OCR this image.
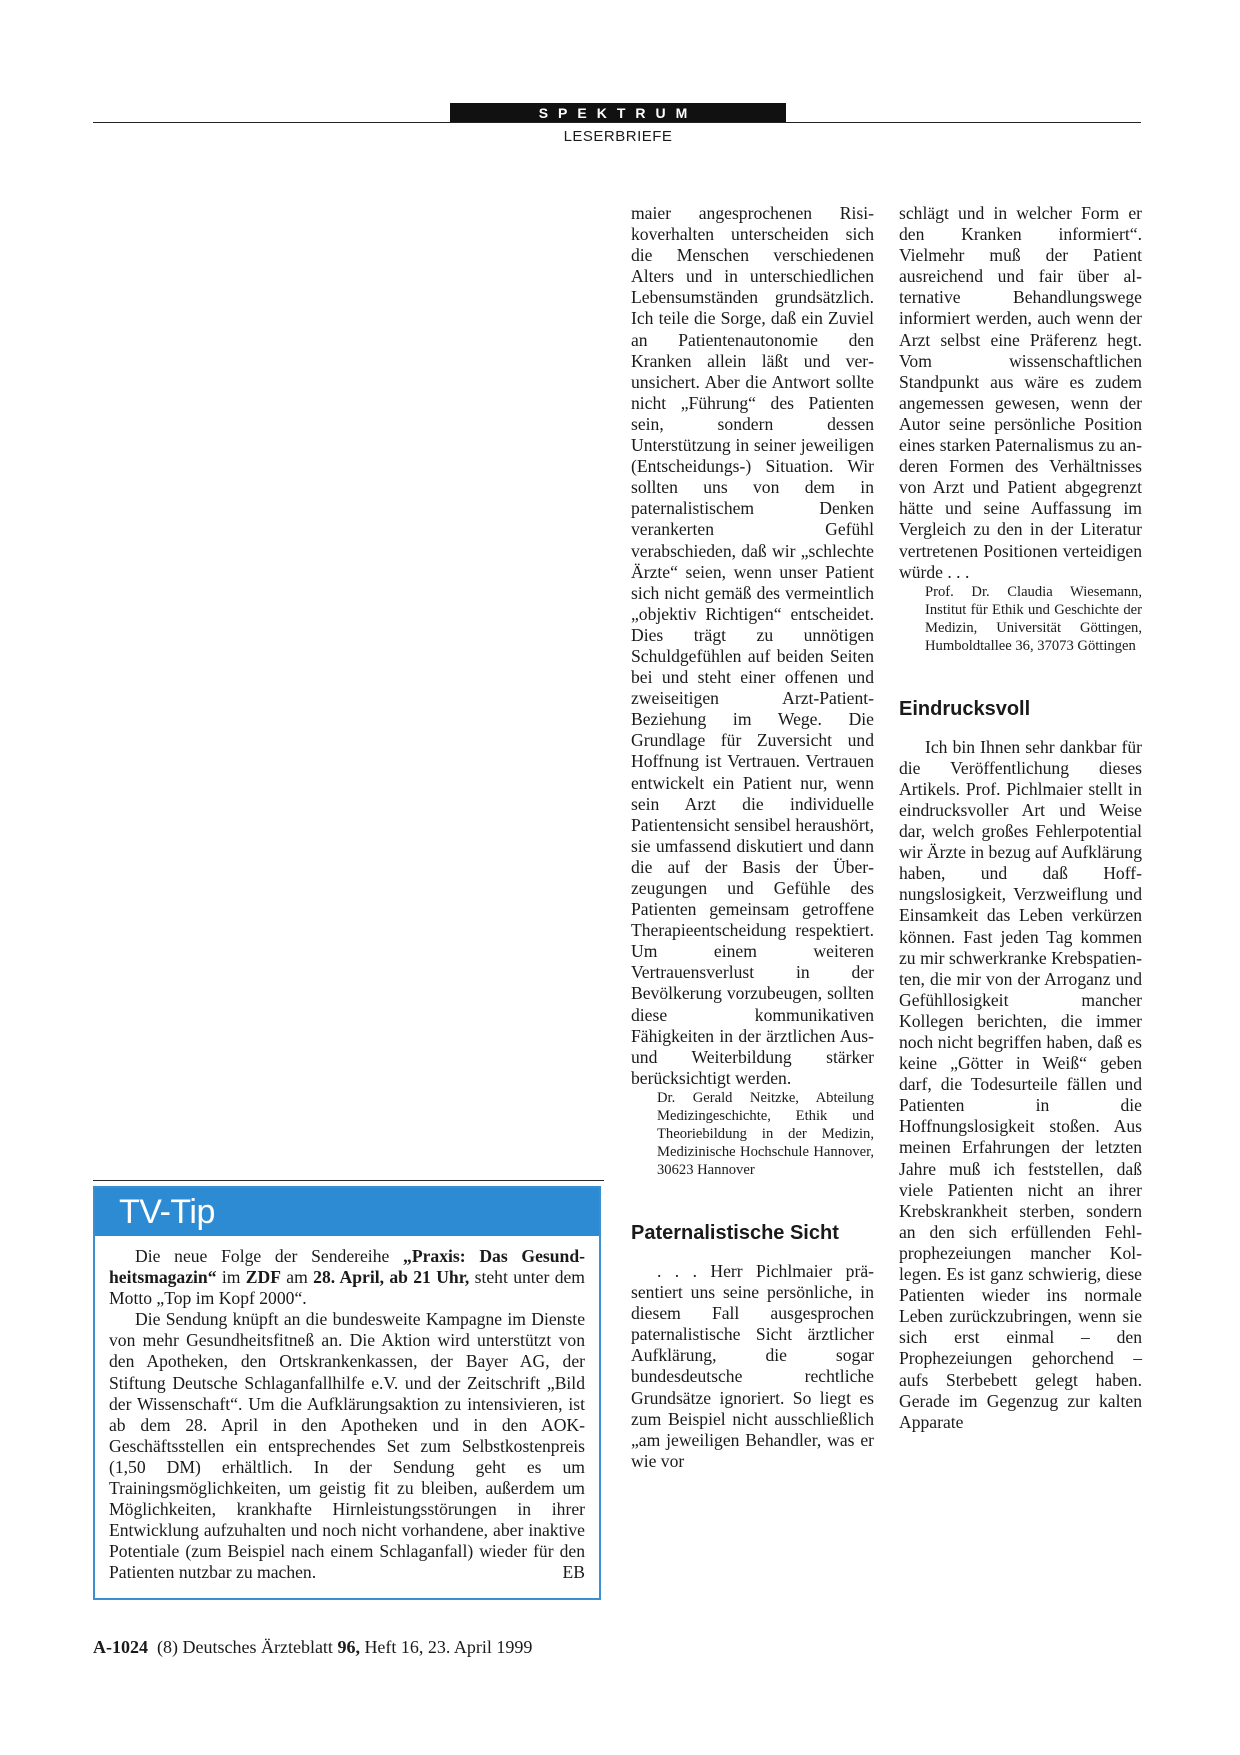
SPEKTRUM
LESERBRIEFE

maier angesprochenen Risikoverhalten unterscheiden sich die Menschen verschiedenen Alters und in unterschiedlichen Lebensumständen grundsätzlich. Ich teile die Sorge, daß ein Zuviel an Patientenautonomie den Kranken allein läßt und verunsichert. Aber die Antwort sollte nicht „Führung“ des Patienten sein, sondern dessen Unterstützung in seiner jeweiligen (Entscheidungs-) Situation. Wir sollten uns von dem in paternalistischem Denken verankerten Gefühl verabschieden, daß wir „schlechte Ärzte“ seien, wenn unser Patient sich nicht gemäß des vermeintlich „objektiv Richtigen“ entscheidet. Dies trägt zu unnötigen Schuldgefühlen auf beiden Seiten bei und steht einer offenen und zweiseitigen Arzt-Patient-Beziehung im Wege. Die Grundlage für Zuversicht und Hoffnung ist Vertrauen. Vertrauen entwickelt ein Patient nur, wenn sein Arzt die individuelle Patientensicht sensibel heraushört, sie umfassend diskutiert und dann die auf der Basis der Überzeugungen und Gefühle des Patienten gemeinsam getroffene Therapieentscheidung respektiert. Um einem weiteren Vertrauensverlust in der Bevölkerung vorzubeugen, sollten diese kommunikativen Fähigkeiten in der ärztlichen Aus- und Weiterbildung stärker berücksichtigt werden.

Dr. Gerald Neitzke, Abteilung Medizingeschichte, Ethik und Theoriebildung in der Medizin, Medizinische Hochschule Hannover, 30623 Hannover

Paternalistische Sicht

. . . Herr Pichlmaier präsentiert uns seine persönliche, in diesem Fall ausgesprochen paternalistische Sicht ärztlicher Aufklärung, die sogar bundesdeutsche rechtliche Grundsätze ignoriert. So liegt es zum Beispiel nicht ausschließlich „am jeweiligen Behandler, was er wie vor

schlägt und in welcher Form er den Kranken informiert“. Vielmehr muß der Patient ausreichend und fair über alternative Behandlungswege informiert werden, auch wenn der Arzt selbst eine Präferenz hegt. Vom wissenschaftlichen Standpunkt aus wäre es zudem angemessen gewesen, wenn der Autor seine persönliche Position eines starken Paternalismus zu anderen Formen des Verhältnisses von Arzt und Patient abgegrenzt hätte und seine Auffassung im Vergleich zu den in der Literatur vertretenen Positionen verteidigen würde . . .

Prof. Dr. Claudia Wiesemann, Institut für Ethik und Geschichte der Medizin, Universität Göttingen, Humboldtallee 36, 37073 Göttingen

Eindrucksvoll

Ich bin Ihnen sehr dankbar für die Veröffentlichung dieses Artikels. Prof. Pichlmaier stellt in eindrucksvoller Art und Weise dar, welch großes Fehlerpotential wir Ärzte in bezug auf Aufklärung haben, und daß Hoffnungslosigkeit, Verzweiflung und Einsamkeit das Leben verkürzen können. Fast jeden Tag kommen zu mir schwerkranke Krebspatienten, die mir von der Arroganz und Gefühllosigkeit mancher Kollegen berichten, die immer noch nicht begriffen haben, daß es keine „Götter in Weiß“ geben darf, die Todesurteile fällen und Patienten in die Hoffnungslosigkeit stoßen. Aus meinen Erfahrungen der letzten Jahre muß ich feststellen, daß viele Patienten nicht an ihrer Krebskrankheit sterben, sondern an den sich erfüllenden Fehlprophezeiungen mancher Kollegen. Es ist ganz schwierig, diese Patienten wieder ins normale Leben zurückzubringen, wenn sie sich erst einmal – den Prophezeiungen gehorchend – aufs Sterbebett gelegt haben. Gerade im Gegenzug zur kalten Apparate

TV-Tip

Die neue Folge der Sendereihe „Praxis: Das Gesundheitsmagazin“ im ZDF am 28. April, ab 21 Uhr, steht unter dem Motto „Top im Kopf 2000“.

Die Sendung knüpft an die bundesweite Kampagne im Dienste von mehr Gesundheitsfitneß an. Die Aktion wird unterstützt von den Apotheken, den Ortskrankenkassen, der Bayer AG, der Stiftung Deutsche Schlaganfallhilfe e.V. und der Zeitschrift „Bild der Wissenschaft“. Um die Aufklärungsaktion zu intensivieren, ist ab dem 28. April in den Apotheken und in den AOK-Geschäftsstellen ein entsprechendes Set zum Selbstkostenpreis (1,50 DM) erhältlich. In der Sendung geht es um Trainingsmöglichkeiten, um geistig fit zu bleiben, außerdem um Möglichkeiten, krankhafte Hirnleistungsstörungen in ihrer Entwicklung aufzuhalten und noch nicht vorhandene, aber inaktive Potentiale (zum Beispiel nach einem Schlaganfall) wieder für den Patienten nutzbar zu machen.	EB

A-1024  (8) Deutsches Ärzteblatt 96, Heft 16, 23. April 1999
